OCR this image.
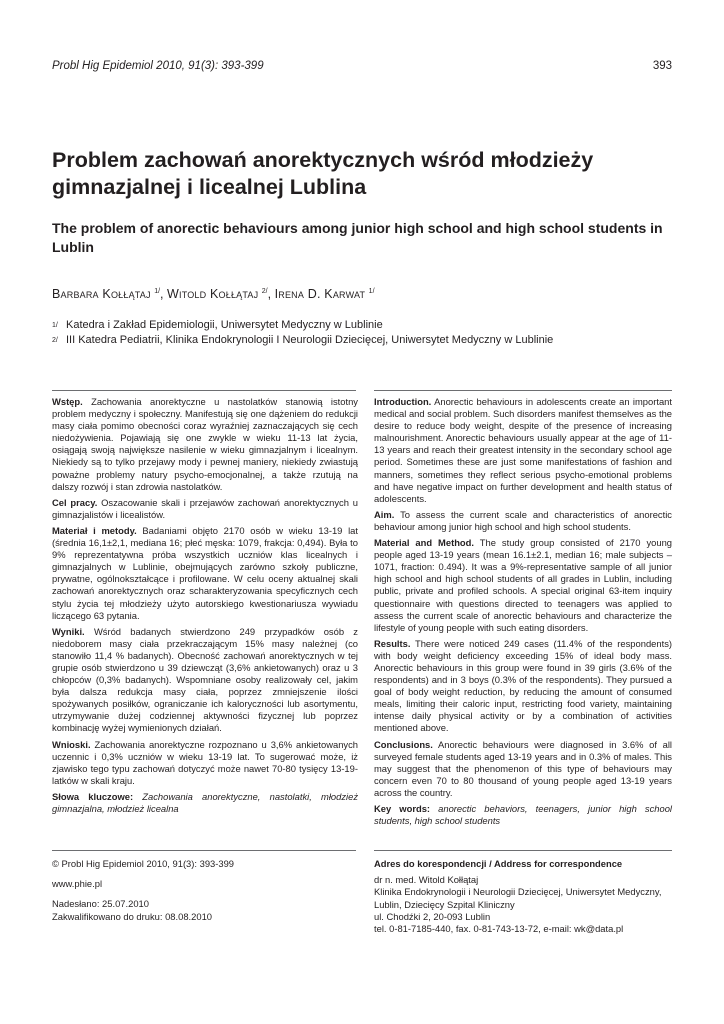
Probl Hig Epidemiol 2010, 91(3): 393-399	393
Problem zachowań anorektycznych wśród młodzieży gimnazjalnej i licealnej Lublina
The problem of anorectic behaviours among junior high school and high school students in Lublin
Barbara Kołłątaj $^{1/}$, Witold Kołłątaj $^{2/}$, Irena D. Karwat $^{1/}$
1/ Katedra i Zakład Epidemiologii, Uniwersytet Medyczny w Lublinie
2/ III Katedra Pediatrii, Klinika Endokrynologii I Neurologii Dziecięcej, Uniwersytet Medyczny w Lublinie

Wstęp. Zachowania anorektyczne u nastolatków stanowią istotny problem medyczny i społeczny. Manifestują się one dążeniem do redukcji masy ciała pomimo obecności coraz wyraźniej zaznaczających się cech niedożywienia. Pojawiają się one zwykle w wieku 11-13 lat życia, osiągają swoją największe nasilenie w wieku gimnazjalnym i licealnym. Niekiedy są to tylko przejawy mody i pewnej maniery, niekiedy zwiastują poważne problemy natury psycho-emocjonalnej, a także rzutują na dalszy rozwój i stan zdrowia nastolatków.

Cel pracy. Oszacowanie skali i przejawów zachowań anorektycznych u gimnazjalistów i licealistów.

Materiał i metody. Badaniami objęto 2170 osób w wieku 13-19 lat (średnia 16,1±2,1, mediana 16; płeć męska: 1079, frakcja: 0,494). Była to 9% reprezentatywna próba wszystkich uczniów klas licealnych i gimnazjalnych w Lublinie, obejmujących zarówno szkoły publiczne, prywatne, ogólnokształcące i profilowane. W celu oceny aktualnej skali zachowań anorektycznych oraz scharakteryzowania specyficznych cech stylu życia tej młodzieży użyto autorskiego kwestionariusza wywiadu liczącego 63 pytania.

Wyniki. Wśród badanych stwierdzono 249 przypadków osób z niedoborem masy ciała przekraczającym 15% masy należnej (co stanowiło 11,4 % badanych). Obecność zachowań anorektycznych w tej grupie osób stwierdzono u 39 dziewcząt (3,6% ankietowanych) oraz u 3 chłopców (0,3% badanych). Wspomniane osoby realizowały cel, jakim była dalsza redukcja masy ciała, poprzez zmniejszenie ilości spożywanych posiłków, ograniczanie ich kaloryczności lub asortymentu, utrzymywanie dużej codziennej aktywności fizycznej lub poprzez kombinację wyżej wymienionych działań.

Wnioski. Zachowania anorektyczne rozpoznano u 3,6% ankietowanych uczennic i 0,3% uczniów w wieku 13-19 lat. To sugerować może, iż zjawisko tego typu zachowań dotyczyć może nawet 70-80 tysięcy 13-19-latków w skali kraju.

Słowa kluczowe: Zachowania anorektyczne, nastolatki, młodzież gimnazjalna, młodzież licealna

Introduction. Anorectic behaviours in adolescents create an important medical and social problem. Such disorders manifest themselves as the desire to reduce body weight, despite of the presence of increasing malnourishment. Anorectic behaviours usually appear at the age of 11-13 years and reach their greatest intensity in the secondary school age period. Sometimes these are just some manifestations of fashion and manners, sometimes they reflect serious psycho-emotional problems and have negative impact on further development and health status of adolescents.

Aim. To assess the current scale and characteristics of anorectic behaviour among junior high school and high school students.

Material and Method. The study group consisted of 2170 young people aged 13-19 years (mean 16.1±2.1, median 16; male subjects – 1071, fraction: 0.494). It was a 9%-representative sample of all junior high school and high school students of all grades in Lublin, including public, private and profiled schools. A special original 63-item inquiry questionnaire with questions directed to teenagers was applied to assess the current scale of anorectic behaviours and characterize the lifestyle of young people with such eating disorders.

Results. There were noticed 249 cases (11.4% of the respondents) with body weight deficiency exceeding 15% of ideal body mass. Anorectic behaviours in this group were found in 39 girls (3.6% of the respondents) and in 3 boys (0.3% of the respondents). They pursued a goal of body weight reduction, by reducing the amount of consumed meals, limiting their caloric input, restricting food variety, maintaining intense daily physical activity or by a combination of activities mentioned above.

Conclusions. Anorectic behaviours were diagnosed in 3.6% of all surveyed female students aged 13-19 years and in 0.3% of males. This may suggest that the phenomenon of this type of behaviours may concern even 70 to 80 thousand of young people aged 13-19 years across the country.

Key words: anorectic behaviors, teenagers, junior high school students, high school students

© Probl Hig Epidemiol 2010, 91(3): 393-399

www.phie.pl

Nadesłano: 25.07.2010

Zakwalifikowano do druku: 08.08.2010

Adres do korespondencji / Address for correspondence

dr n. med. Witold Kołłątaj

Klinika Endokrynologii i Neurologii Dziecięcej, Uniwersytet Medyczny,

Lublin, Dziecięcy Szpital Kliniczny

ul. Chodźki 2, 20-093 Lublin

tel. 0-81-7185-440, fax. 0-81-743-13-72, e-mail: wk@data.pl
